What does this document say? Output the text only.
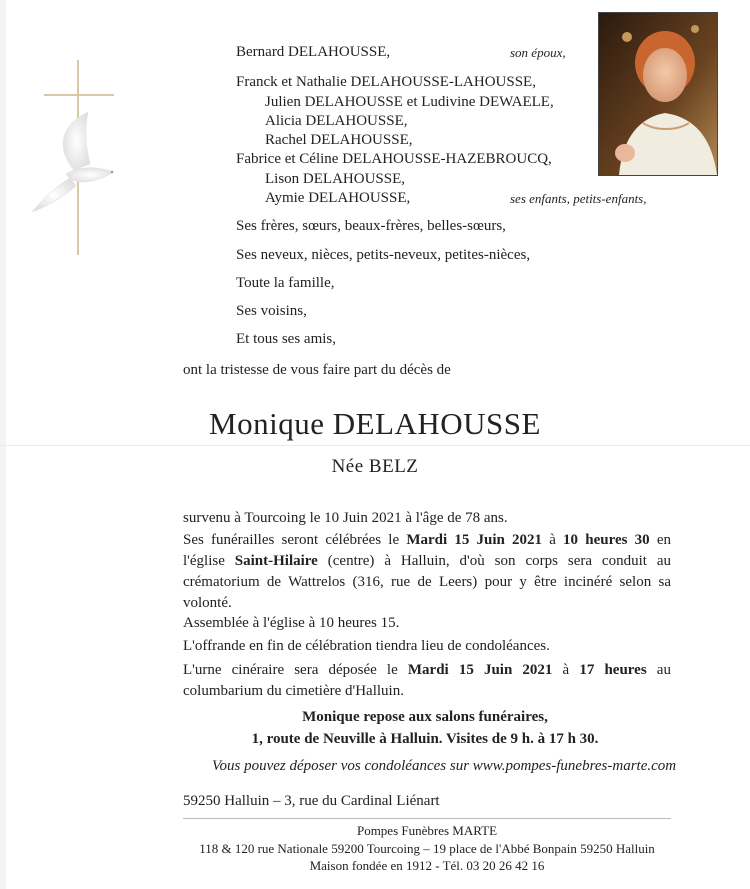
Bernard DELAHOUSSE,	son époux,
Franck et Nathalie DELAHOUSSE-LAHOUSSE,
Julien DELAHOUSSE et Ludivine DEWAELE,
Alicia DELAHOUSSE,
Rachel DELAHOUSSE,
Fabrice et Céline DELAHOUSSE-HAZEBROUCQ,
Lison DELAHOUSSE,
Aymie DELAHOUSSE,	ses enfants, petits-enfants,
Ses frères, sœurs, beaux-frères, belles-sœurs,
Ses neveux, nièces, petits-neveux, petites-nièces,
Toute la famille,
Ses voisins,
Et tous ses amis,
ont la tristesse de vous faire part du décès de
Monique DELAHOUSSE
Née BELZ
survenu à Tourcoing le 10 Juin 2021 à l'âge de 78 ans.
Ses funérailles seront célébrées le Mardi 15 Juin 2021 à 10 heures 30 en l'église Saint-Hilaire (centre) à Halluin, d'où son corps sera conduit au crématorium de Wattrelos (316, rue de Leers) pour y être incinéré selon sa volonté.
Assemblée à l'église à 10 heures 15.
L'offrande en fin de célébration tiendra lieu de condoléances.
L'urne cinéraire sera déposée le Mardi 15 Juin 2021 à 17 heures au columbarium du cimetière d'Halluin.
Monique repose aux salons funéraires,
1, route de Neuville à Halluin. Visites de 9 h. à 17 h 30.
Vous pouvez déposer vos condoléances sur www.pompes-funebres-marte.com
59250 Halluin – 3, rue du Cardinal Liénart
Pompes Funèbres MARTE
118 & 120 rue Nationale 59200 Tourcoing – 19 place de l'Abbé Bonpain 59250 Halluin
Maison fondée en 1912 - Tél. 03 20 26 42 16
